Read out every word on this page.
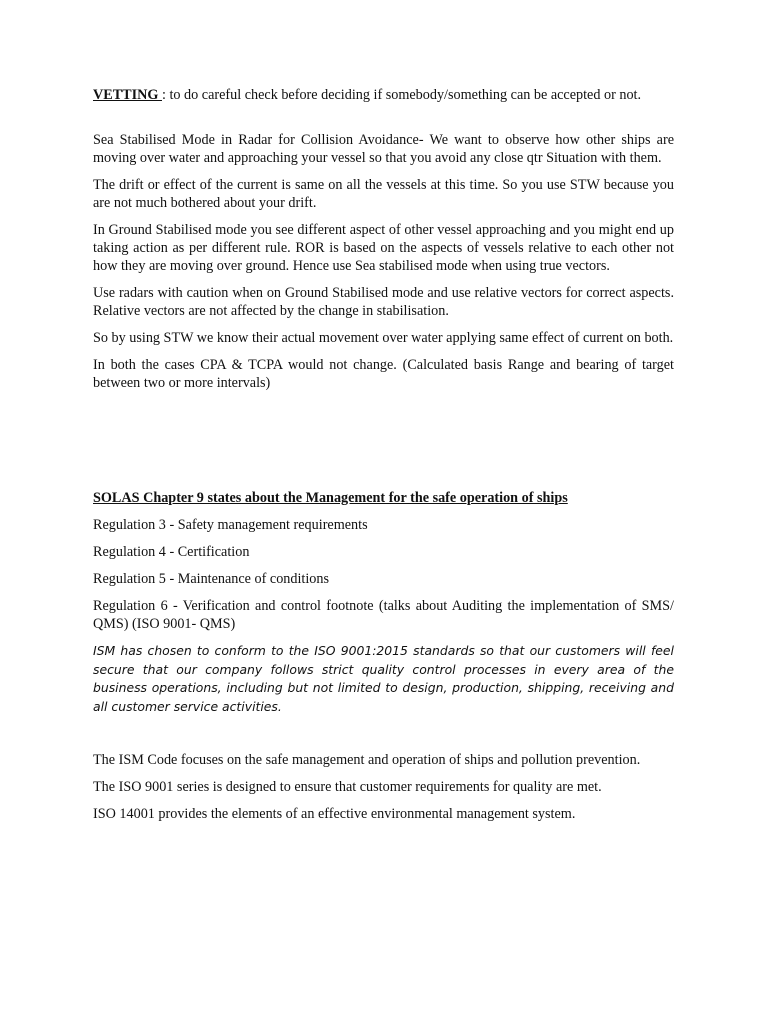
VETTING : to do careful check before deciding if somebody/something can be accepted or not.

Sea Stabilised Mode in Radar for Collision Avoidance- We want to observe how other ships are moving over water and approaching your vessel so that you avoid any close qtr Situation with them.

The drift or effect of the current is same on all the vessels at this time. So you use STW because you are not much bothered about your drift.

In Ground Stabilised mode you see different aspect of other vessel approaching and you might end up taking action as per different rule. ROR is based on the aspects of vessels relative to each other not how they are moving over ground. Hence use Sea stabilised mode when using true vectors.

Use radars with caution when on Ground Stabilised mode and use relative vectors for correct aspects. Relative vectors are not affected by the change in stabilisation.

So by using STW we know their actual movement over water applying same effect of current on both.

In both the cases CPA & TCPA would not change. (Calculated basis Range and bearing of target between two or more intervals)

SOLAS Chapter 9 states about the Management for the safe operation of ships

Regulation 3 - Safety management requirements

Regulation 4 - Certification

Regulation 5 - Maintenance of conditions

Regulation 6 - Verification and control footnote (talks about Auditing the implementation of SMS/ QMS) (ISO 9001- QMS)

ISM has chosen to conform to the ISO 9001:2015 standards so that our customers will feel secure that our company follows strict quality control processes in every area of the business operations, including but not limited to design, production, shipping, receiving and all customer service activities.

The ISM Code focuses on the safe management and operation of ships and pollution prevention.

The ISO 9001 series is designed to ensure that customer requirements for quality are met.

ISO 14001 provides the elements of an effective environmental management system.
